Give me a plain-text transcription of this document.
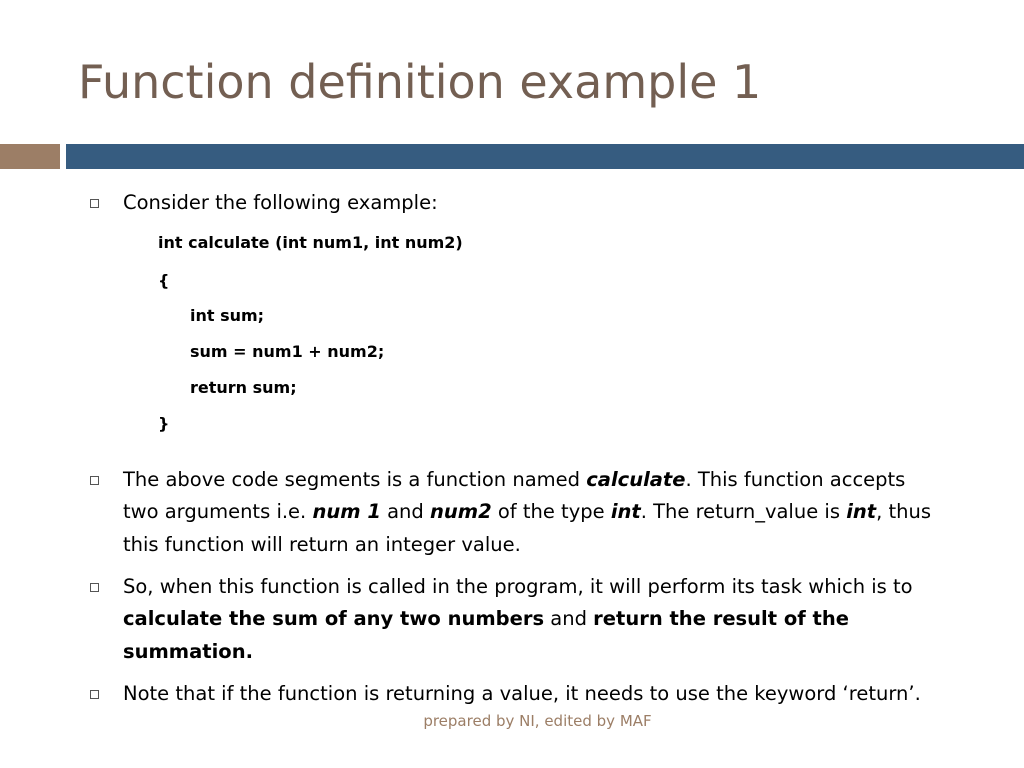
Function definition example 1
Consider the following example:
int calculate (int num1, int num2)
{
int sum;
sum = num1 + num2;
return sum;
}
The above code segments is a function named calculate. This function accepts
two arguments i.e. num 1 and num2 of the type int. The return_value is int, thus
this function will return an integer value.
So, when this function is called in the program, it will perform its task which is to
calculate the sum of any two numbers and return the result of the
summation.
Note that if the function is returning a value, it needs to use the keyword ‘return’.
prepared by NI, edited by MAF
